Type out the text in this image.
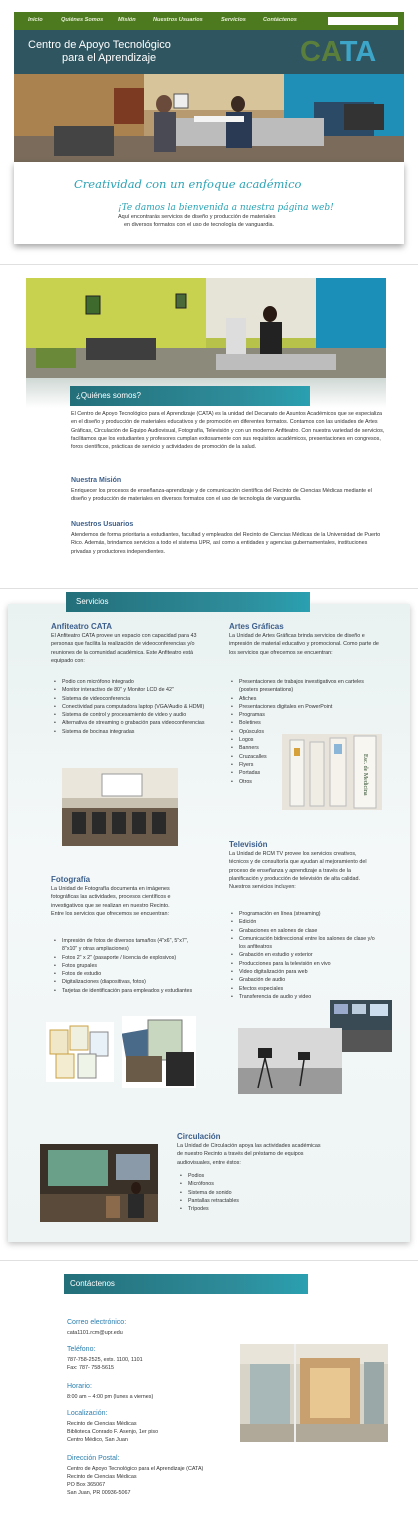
Inicio	Quiénes Somos	Misión	Nuestros Usuarios	Servicios	Contáctenos
Centro de Apoyo Tecnológico
para el Aprendizaje	CATA
Creatividad con un enfoque académico
¡Te damos la bienvenida a nuestra página web!
Aquí encontrarás servicios de diseño y producción de materiales
en diversos formatos con el uso de tecnología de vanguardia.
¿Quiénes somos?
El Centro de Apoyo Tecnológico para el Aprendizaje (CATA) es la unidad del Decanato de Asuntos Académicos que se especializa en el diseño y producción de materiales educativos y de promoción en diferentes formatos. Contamos con las unidades de Artes Gráficas, Circulación de Equipo Audiovisual, Fotografía, Televisión y con un moderno Anfiteatro. Con nuestra variedad de servicios, facilitamos que los estudiantes y profesores cumplan exitosamente con sus requisitos académicos, presentaciones en congresos, foros científicos, prácticas de servicio y actividades de promoción de la salud.
Nuestra Misión
Enriquecer los procesos de enseñanza-aprendizaje y de comunicación científica del Recinto de Ciencias Médicas mediante el diseño y producción de materiales en diversos formatos con el uso de tecnología de vanguardia.
Nuestros Usuarios
Atendemos de forma prioritaria a estudiantes, facultad y empleados del Recinto de Ciencias Médicas de la Universidad de Puerto Rico. Además, brindamos servicios a todo el sistema UPR, así como a entidades y agencias gubernamentales, instituciones privadas y productores independientes.
Servicios
Anfiteatro CATA
El Anfiteatro CATA provee un espacio con capacidad para 43 personas que facilita la realización de videoconferencias y/o reuniones de la comunidad académica. Este Anfiteatro está equipado con:
• Podio con micrófono integrado
• Monitor interactivo de 80" y Monitor LCD de 42"
• Sistema de videoconferencia
• Conectividad para computadora laptop (VGA/Audio & HDMI)
• Sistema de control y procesamiento de video y audio
• Alternativa de streaming o grabación para videoconferencias
• Sistema de bocinas integradas
Artes Gráficas
La Unidad de Artes Gráficas brinda servicios de diseño e impresión de material educativo y promocional. Como parte de los servicios que ofrecemos se encuentran:
• Presentaciones de trabajos investigativos en carteles (posters presentations)
• Afiches
• Presentaciones digitales en PowerPoint
• Programas
• Boletines
• Opúsculos
• Logos
• Banners
• Cruzacalles
• Flyers
• Portadas
• Otros	Esc. de Medicina
Televisión
La Unidad de RCM TV provee los servicios creativos, técnicos y de consultoría que ayudan al mejoramiento del proceso de enseñanza y aprendizaje a través de la planificación y producción de televisión de alta calidad. Nuestros servicios incluyen:
• Programación en línea (streaming)
• Edición
• Grabaciones en salones de clase
• Comunicación bidireccional entre los salones de clase y/o los anfiteatros
• Grabación en estudio y exterior
• Producciones para la televisión en vivo
• Video digitalización para web
• Grabación de audio
• Efectos especiales
• Transferencia de audio y video
Fotografía
La Unidad de Fotografía documenta en imágenes fotográficas las actividades, procesos científicos e investigativos que se realizan en nuestro Recinto. Entre los servicios que ofrecemos se encuentran:
• Impresión de fotos de diversos tamaños (4"x6", 5"x7", 8"x10" y otras ampliaciones)
• Fotos 2" x 2" (pasaporte / licencia de explosivos)
• Fotos grupales
• Fotos de estudio
• Digitalizaciones (diapositivas, fotos)
• Tarjetas de identificación para empleados y estudiantes
Circulación
La Unidad de Circulación apoya las actividades académicas de nuestro Recinto a través del préstamo de equipos audiovisuales, entre éstos:
• Podios
• Micrófonos
• Sistema de sonido
• Pantallas retractables
• Trípodes
Contáctenos
Correo electrónico:
cata1101.rcm@upr.edu
Teléfono:
787-758-2525, exts. 1100, 1101
Fax: 787- 758-5615
Horario:
8:00 am – 4:00 pm (lunes a viernes)
Localización:
Recinto de Ciencias Médicas
Biblioteca Conrado F. Asenjo, 1er piso
Centro Médico, San Juan
Dirección Postal:
Centro de Apoyo Tecnológico para el Aprendizaje (CATA)
Recinto de Ciencias Médicas
PO Box 365067
San Juan, PR 00936-5067
